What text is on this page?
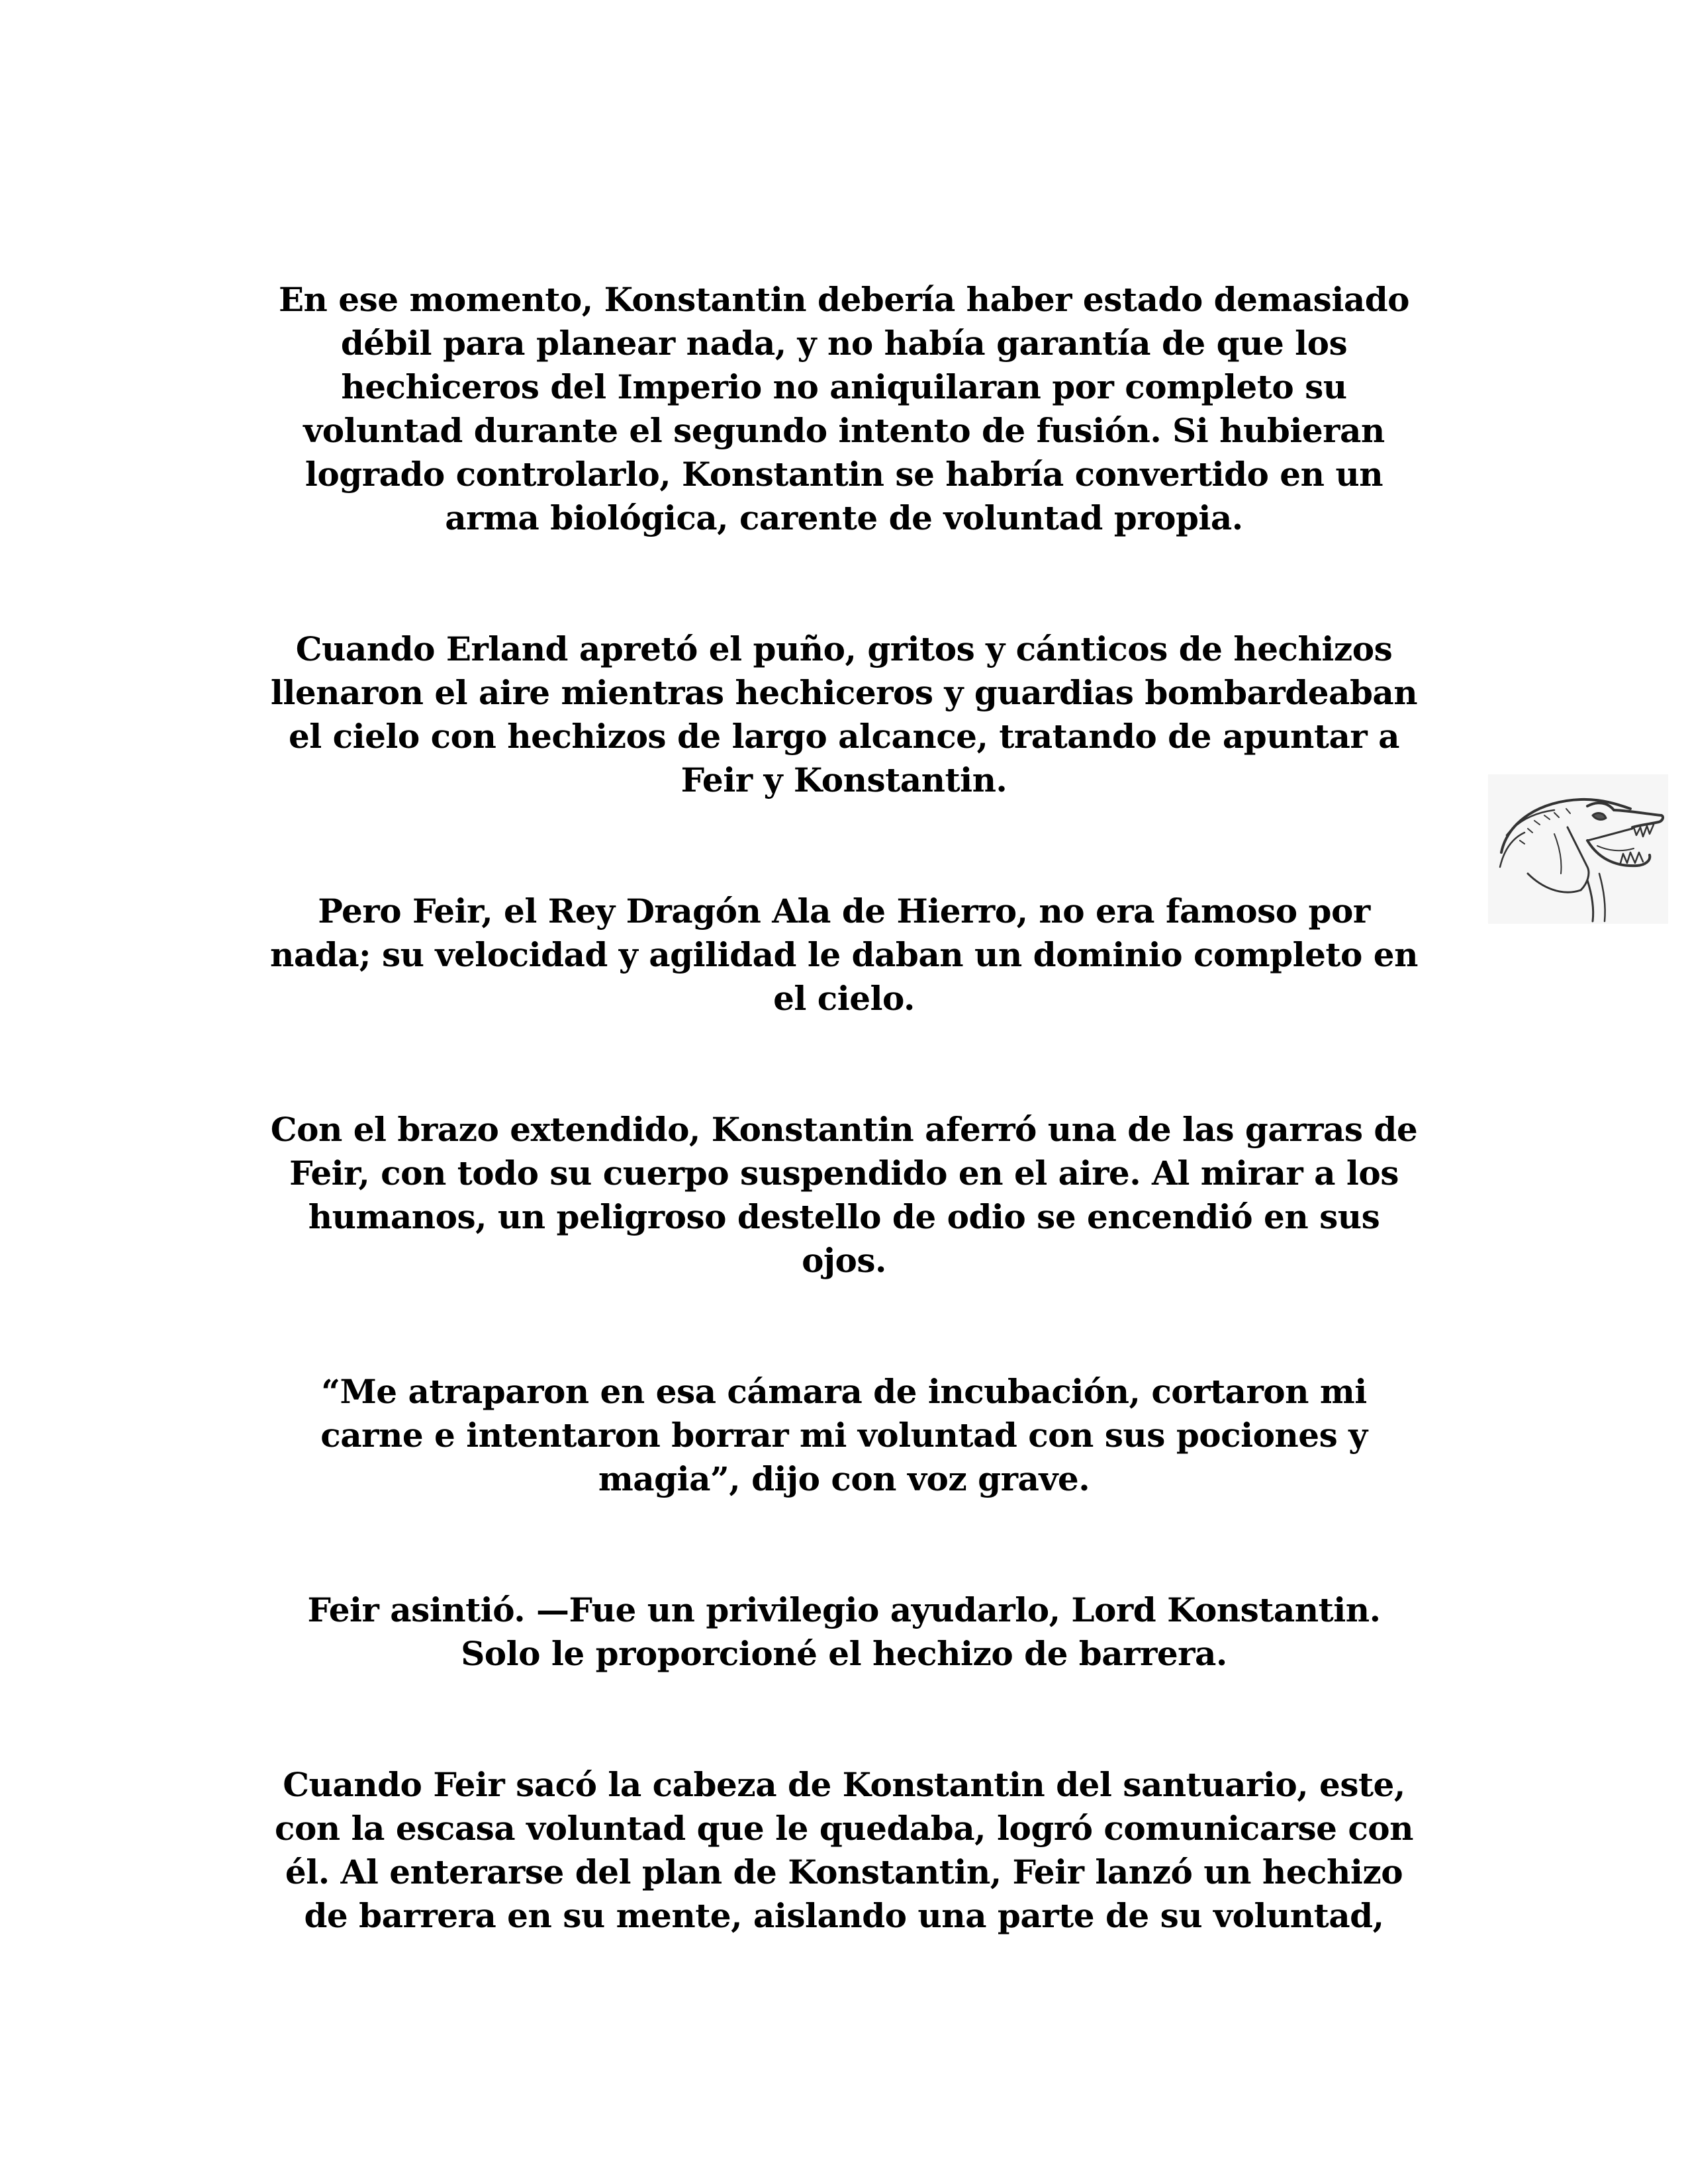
En ese momento, Konstantin debería haber estado demasiado
débil para planear nada, y no había garantía de que los
hechiceros del Imperio no aniquilaran por completo su
voluntad durante el segundo intento de fusión. Si hubieran
logrado controlarlo, Konstantin se habría convertido en un
arma biológica, carente de voluntad propia.

Cuando Erland apretó el puño, gritos y cánticos de hechizos
llenaron el aire mientras hechiceros y guardias bombardeaban
el cielo con hechizos de largo alcance, tratando de apuntar a
Feir y Konstantin.

Pero Feir, el Rey Dragón Ala de Hierro, no era famoso por
nada; su velocidad y agilidad le daban un dominio completo en
el cielo.

Con el brazo extendido, Konstantin aferró una de las garras de
Feir, con todo su cuerpo suspendido en el aire. Al mirar a los
humanos, un peligroso destello de odio se encendió en sus
ojos.

“Me atraparon en esa cámara de incubación, cortaron mi
carne e intentaron borrar mi voluntad con sus pociones y
magia”, dijo con voz grave.

Feir asintió. —Fue un privilegio ayudarlo, Lord Konstantin.
Solo le proporcioné el hechizo de barrera.

Cuando Feir sacó la cabeza de Konstantin del santuario, este,
con la escasa voluntad que le quedaba, logró comunicarse con
él. Al enterarse del plan de Konstantin, Feir lanzó un hechizo
de barrera en su mente, aislando una parte de su voluntad,
